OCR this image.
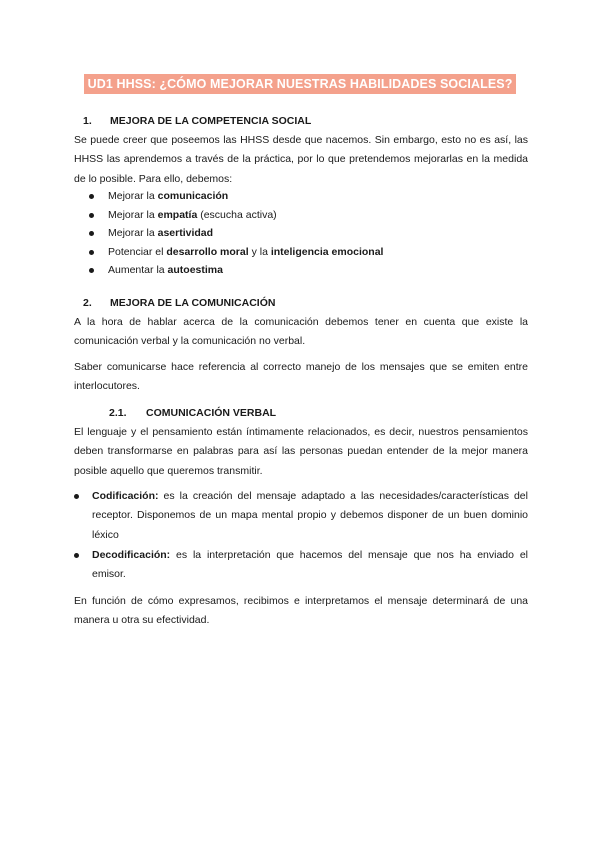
UD1 HHSS: ¿CÓMO MEJORAR NUESTRAS HABILIDADES SOCIALES?
1. MEJORA DE LA COMPETENCIA SOCIAL
Se puede creer que poseemos las HHSS desde que nacemos. Sin embargo, esto no es así, las HHSS las aprendemos a través de la práctica, por lo que pretendemos mejorarlas en la medida de lo posible. Para ello, debemos:
Mejorar la comunicación
Mejorar la empatía (escucha activa)
Mejorar la asertividad
Potenciar el desarrollo moral y la inteligencia emocional
Aumentar la autoestima
2. MEJORA DE LA COMUNICACIÓN
A la hora de hablar acerca de la comunicación debemos tener en cuenta que existe la comunicación verbal y la comunicación no verbal.
Saber comunicarse hace referencia al correcto manejo de los mensajes que se emiten entre interlocutores.
2.1. COMUNICACIÓN VERBAL
El lenguaje y el pensamiento están íntimamente relacionados, es decir, nuestros pensamientos deben transformarse en palabras para así las personas puedan entender de la mejor manera posible aquello que queremos transmitir.
Codificación: es la creación del mensaje adaptado a las necesidades/características del receptor. Disponemos de un mapa mental propio y debemos disponer de un buen dominio léxico
Decodificación: es la interpretación que hacemos del mensaje que nos ha enviado el emisor.
En función de cómo expresamos, recibimos e interpretamos el mensaje determinará de una manera u otra su efectividad.
